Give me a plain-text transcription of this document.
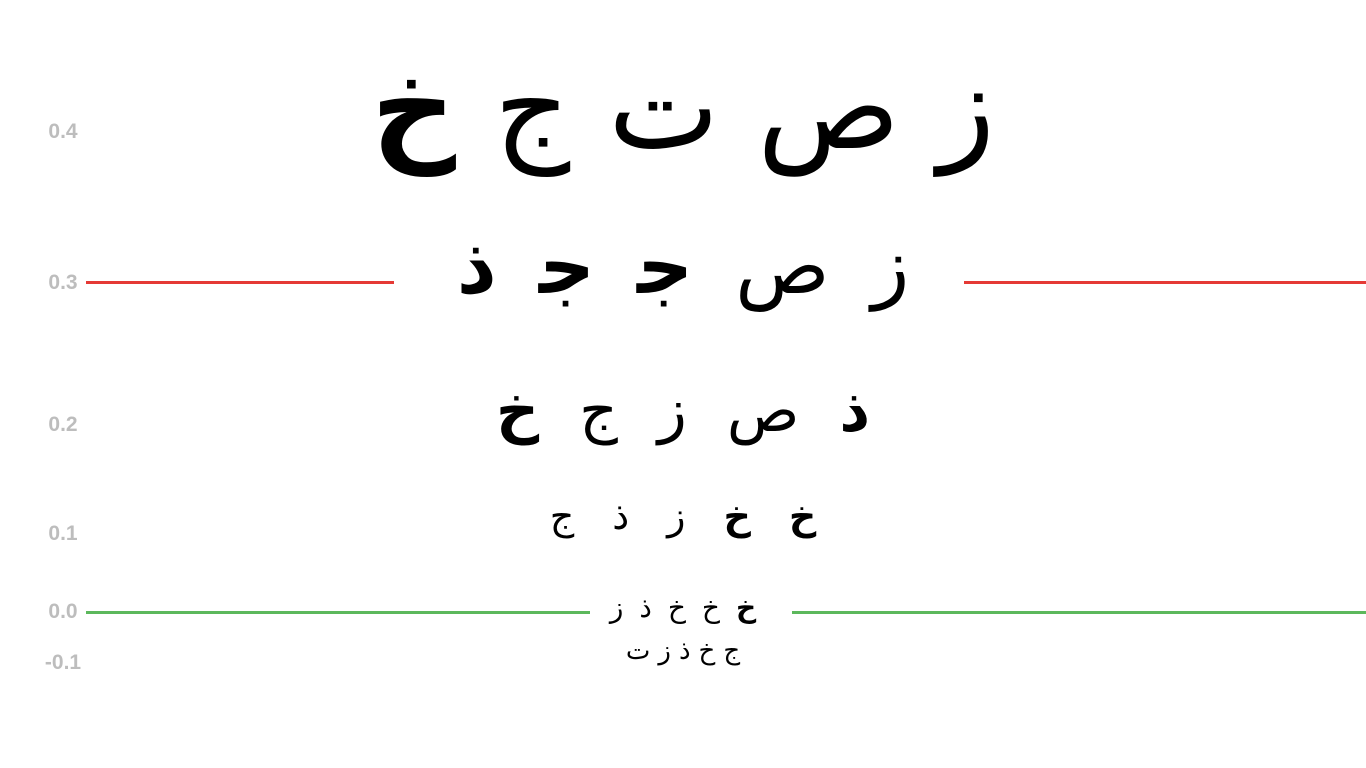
0.4
0.3
0.2
0.1
0.0
-0.1
ز
ص
ت
ج
خ
ز
ص
ﺟ
ﺟ
ذ
ذ
ص
ز
ج
خ
خ
خ
ز
ذ
ج
خ
خ
خ
ذ
ز
ج
خ
ذ
ز
ت
